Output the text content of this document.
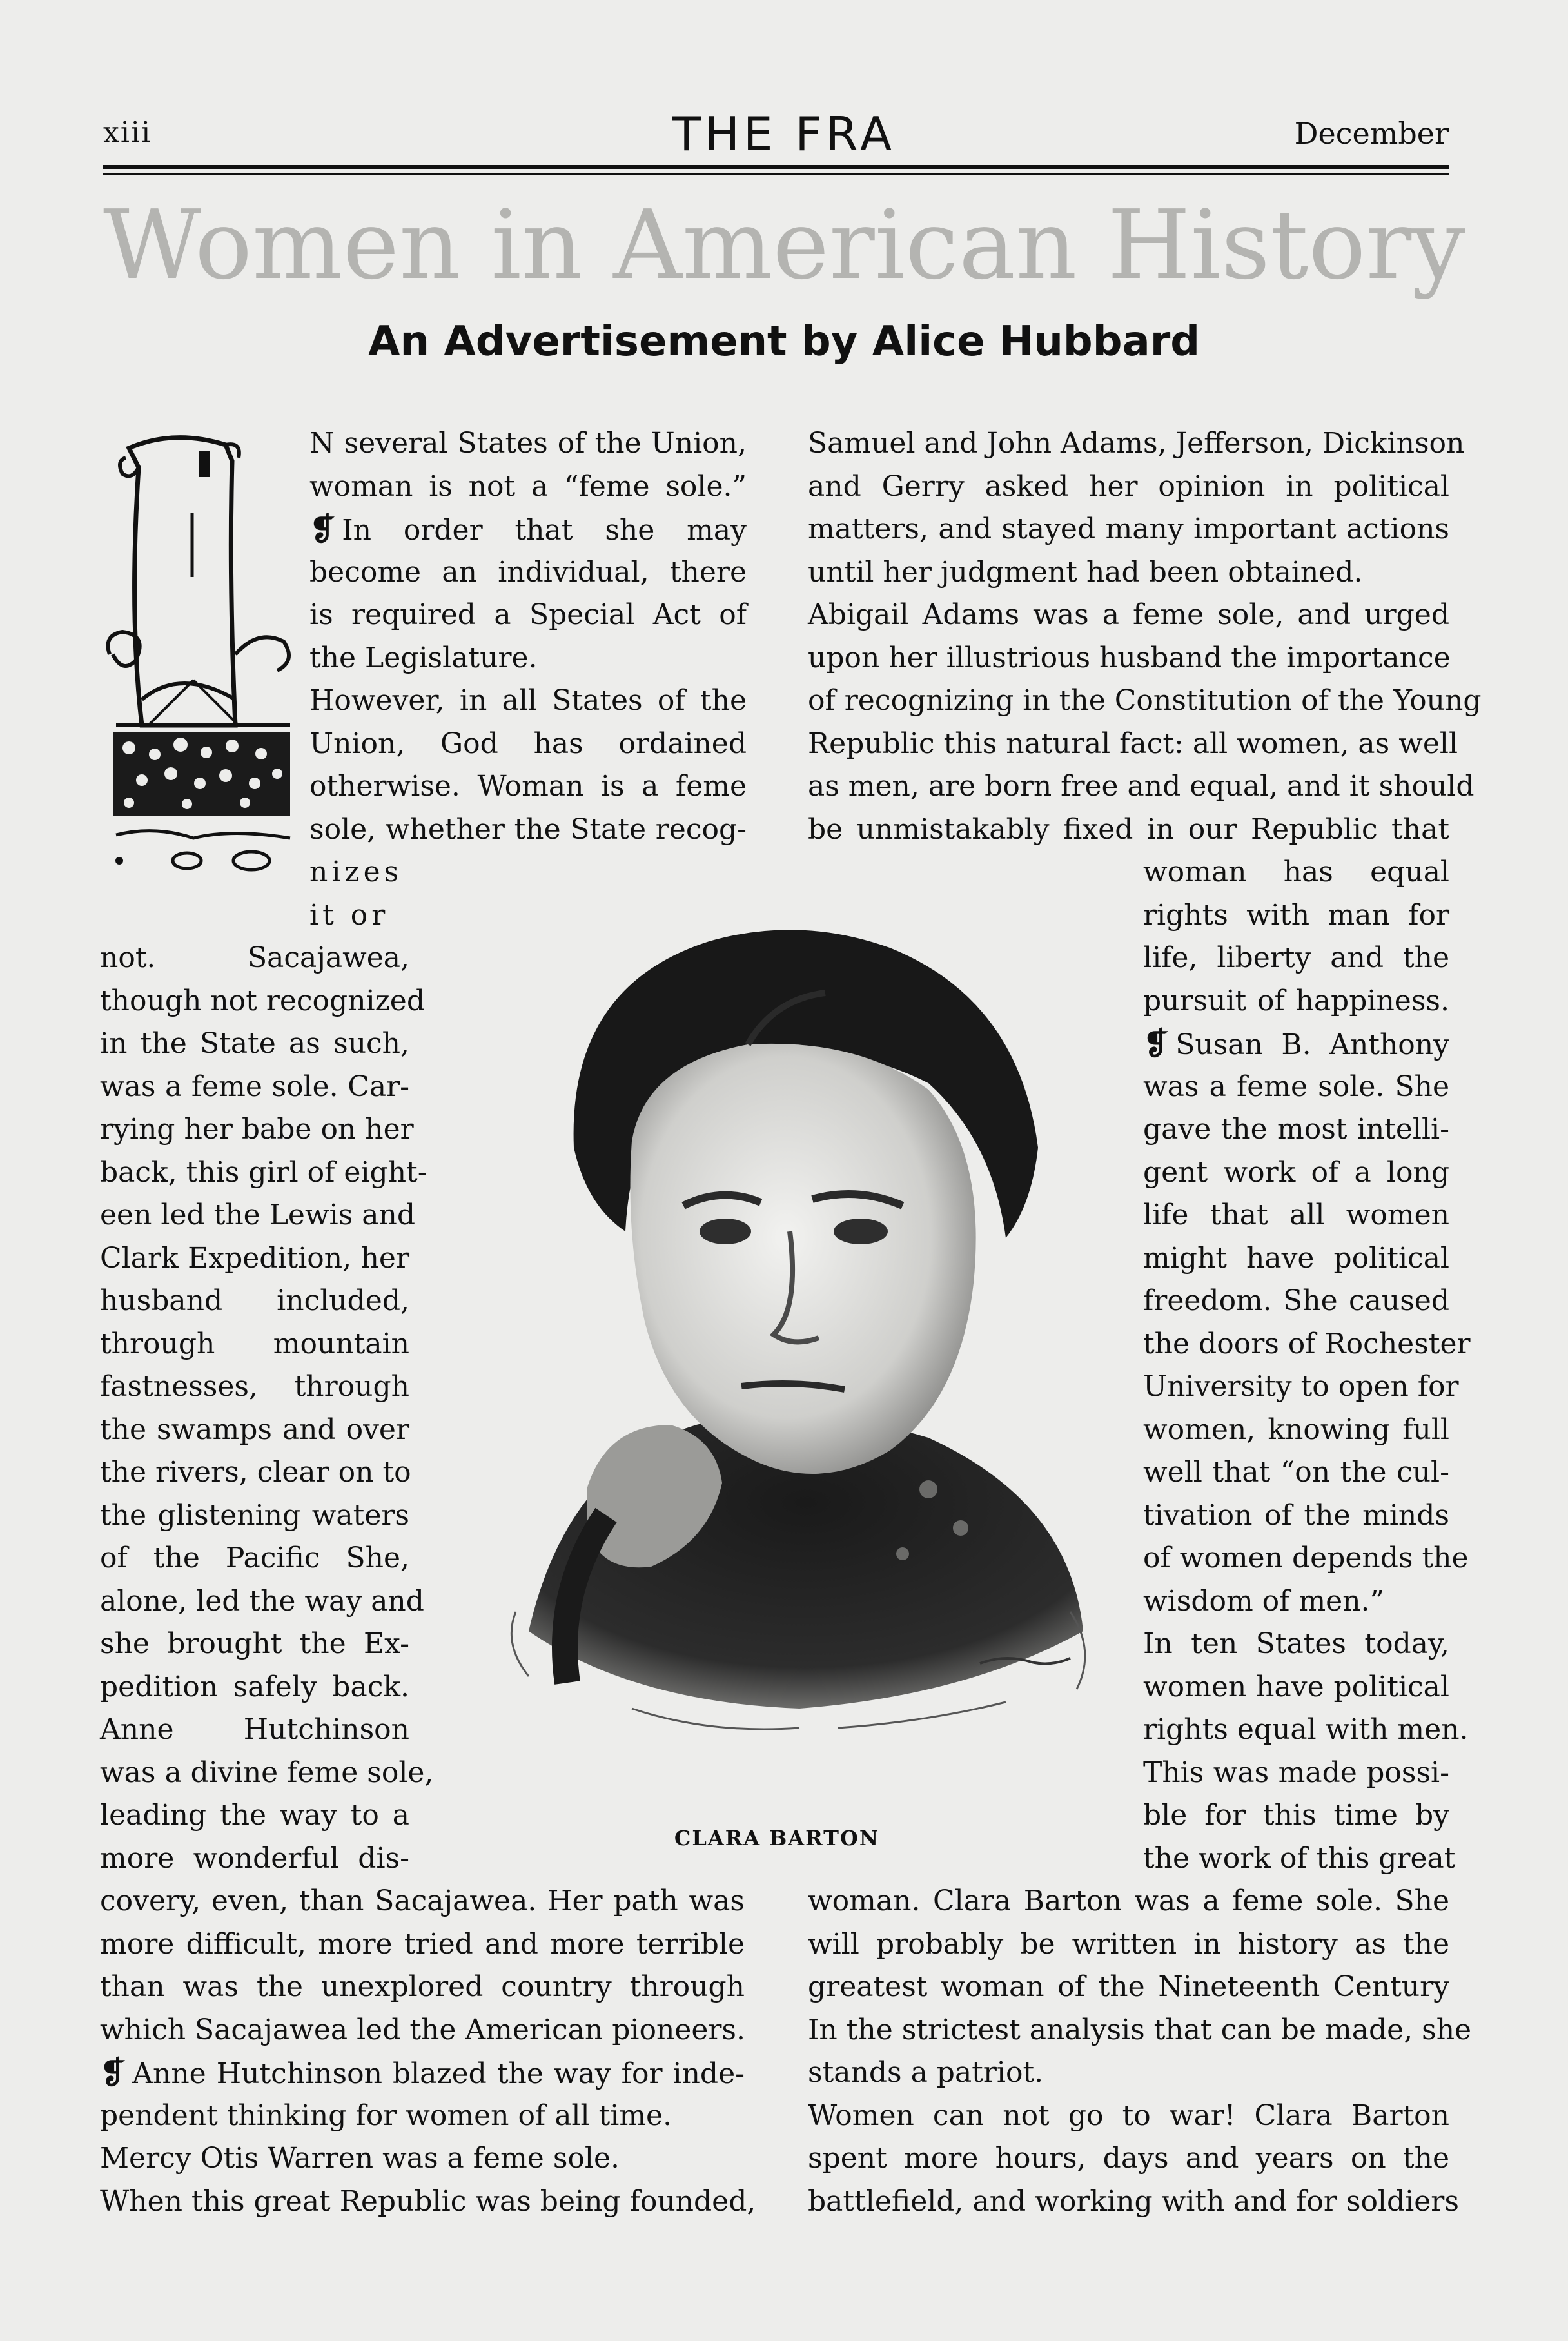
xiii	THE FRA	December
Women in American History
An Advertisement by Alice Hubbard
N several States of the Union,
woman is not a “feme sole.”
❡ In order that she may
become an individual, there
is required a Special Act of
the Legislature.
However, in all States of the
Union, God has ordained
otherwise. Woman is a feme
sole, whether the State recog-
nizes
it or
not. Sacajawea,
though not recognized
in the State as such,
was a feme sole. Car-
rying her babe on her
back, this girl of eight-
een led the Lewis and
Clark Expedition, her
husband included,
through mountain
fastnesses, through
the swamps and over
the rivers, clear on to
the glistening waters
of the Pacific She,
alone, led the way and
she brought the Ex-
pedition safely back.
Anne Hutchinson
was a divine feme sole,
leading the way to a
more wonderful dis-
covery, even, than Sacajawea. Her path was
more difficult, more tried and more terrible
than was the unexplored country through
which Sacajawea led the American pioneers.
❡ Anne Hutchinson blazed the way for inde-
pendent thinking for women of all time.
Mercy Otis Warren was a feme sole.
When this great Republic was being founded,
Samuel and John Adams, Jefferson, Dickinson
and Gerry asked her opinion in political
matters, and stayed many important actions
until her judgment had been obtained.
Abigail Adams was a feme sole, and urged
upon her illustrious husband the importance
of recognizing in the Constitution of the Young
Republic this natural fact: all women, as well
as men, are born free and equal, and it should
be unmistakably fixed in our Republic that
woman has equal
rights with man for
life, liberty and the
pursuit of happiness.
❡ Susan B. Anthony
was a feme sole. She
gave the most intelli-
gent work of a long
life that all women
might have political
freedom. She caused
the doors of Rochester
University to open for
women, knowing full
well that “on the cul-
tivation of the minds
of women depends the
wisdom of men.”
In ten States today,
women have political
rights equal with men.
This was made possi-
ble for this time by
the work of this great
woman. Clara Barton was a feme sole. She
will probably be written in history as the
greatest woman of the Nineteenth Century
In the strictest analysis that can be made, she
stands a patriot.
Women can not go to war! Clara Barton
spent more hours, days and years on the
battlefield, and working with and for soldiers
CLARA BARTON
